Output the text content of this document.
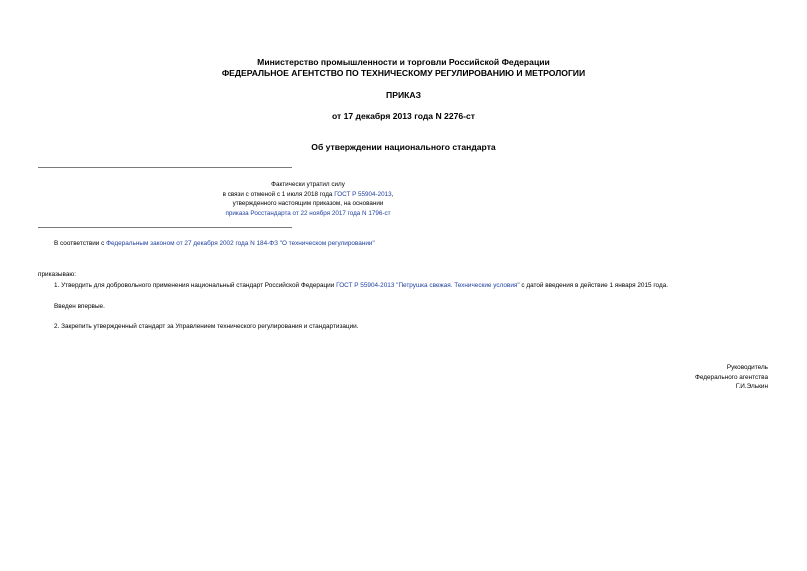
Министерство промышленности и торговли Российской Федерации
ФЕДЕРАЛЬНОЕ АГЕНТСТВО ПО ТЕХНИЧЕСКОМУ РЕГУЛИРОВАНИЮ И МЕТРОЛОГИИ
ПРИКАЗ
от 17 декабря 2013 года N 2276-ст
Об утверждении национального стандарта
Фактически утратил силу
в связи с отменой с 1 июля 2018 года ГОСТ Р 55904-2013,
утвержденного настоящим приказом, на основании
приказа Росстандарта от 22 ноября 2017 года N 1796-ст
В соответствии с Федеральным законом от 27 декабря 2002 года N 184-ФЗ "О техническом регулировании"
приказываю:
1. Утвердить для добровольного применения национальный стандарт Российской Федерации ГОСТ Р 55904-2013 "Петрушка свежая. Технические условия" с датой введения в действие 1 января 2015 года.
Введен впервые.
2. Закрепить утвержденный стандарт за Управлением технического регулирования и стандартизации.
Руководитель
Федерального агентства
Г.И.Элькин
